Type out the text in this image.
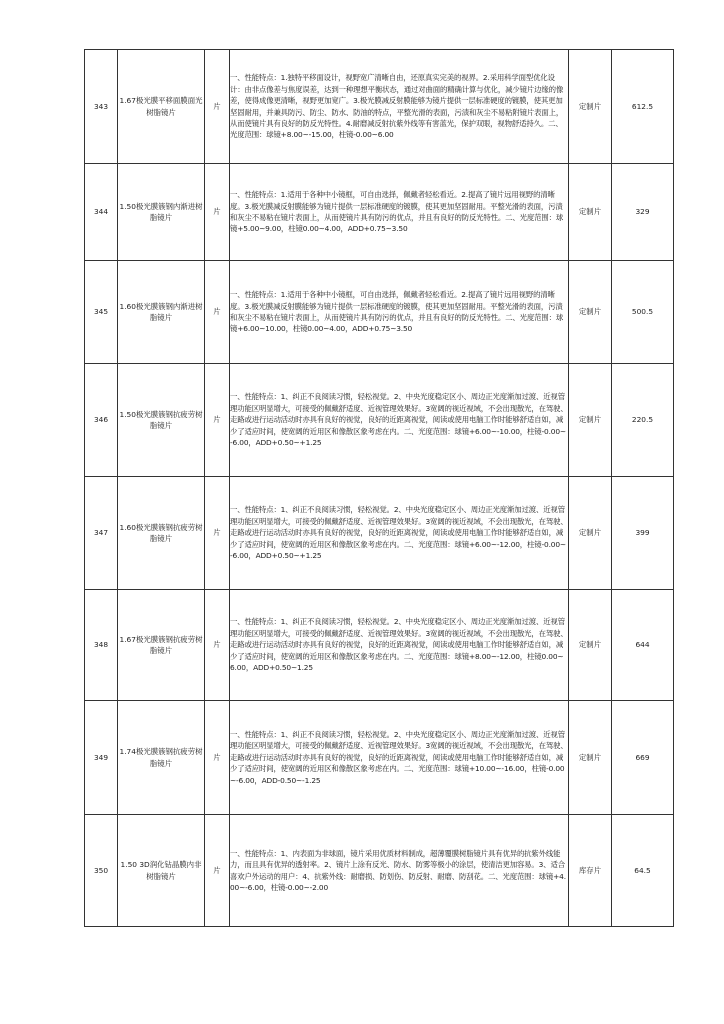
343	1.67极光膜平移面膜面光树脂镜片	片	一、性能特点：1.独特平移面设计，视野宽广清晰自由，还原真实完美的视界。2.采用科学面型优化设计：由非点像差与焦度误差，达到一种理想平衡状态，通过对曲面的精确计算与优化，减少镜片边缘的像差，使得成像更清晰，视野更加宽广。3.极光膜减反射膜能够为镜片提供一层标准硬度的镀膜，使其更加坚固耐用，并兼具防污、防尘、防水、防油的特点，平整光滑的表面，污渍和灰尘不易粘附镜片表面上，从而使镜片具有良好的防反光特性。4.耐磨减反射抗紫外线等有害蓝光，保护双眼，视物舒适持久。二、光度范围：球镜+8.00~-15.00，柱镜-0.00~6.00	定制片	612.5
344	1.50极光膜簇钢内渐进树脂镜片	片	一、性能特点：1.适用于各种中小镜框，可自由选择，佩戴者轻松看近。2.提高了镜片远用视野的清晰度。3.极光膜减反射膜能够为镜片提供一层标准硬度的镀膜，使其更加坚固耐用。平整光滑的表面，污渍和灰尘不易粘在镜片表面上，从而使镜片具有防污的优点，并且有良好的防反光特性。二、光度范围：球镜+5.00~9.00，柱镜0.00~4.00，ADD+0.75~3.50	定制片	329
345	1.60极光膜簇钢内渐进树脂镜片	片	一、性能特点：1.适用于各种中小镜框，可自由选择，佩戴者轻松看近。2.提高了镜片远用视野的清晰度。3.极光膜减反射膜能够为镜片提供一层标准硬度的镀膜，使其更加坚固耐用。平整光滑的表面，污渍和灰尘不易粘在镜片表面上，从而使镜片具有防污的优点，并且有良好的防反光特性。二、光度范围：球镜+6.00~10.00，柱镜0.00~4.00，ADD+0.75~3.50	定制片	500.5
346	1.50极光膜簇钢抗疲劳树脂镜片	片	一、性能特点：1、纠正不良阅读习惯，轻松视觉。2、中央光度稳定区小、周边正光度渐加过渡、近视管理功能区明显增大，可接受的佩戴舒适度、近视管理效果好。3宽阔的视近视域，不会出现散光，在驾驶、走路或进行运动活动时亦具有良好的视觉，良好的近距离视觉，阅读或使用电脑工作时能够舒适自如，减少了适应时间，使宽阔的近用区和像散区象考虑在内。二、光度范围：球镜+6.00~-10.00，柱镜-0.00~-6.00，ADD+0.50~+1.25	定制片	220.5
347	1.60极光膜簇钢抗疲劳树脂镜片	片	一、性能特点：1、纠正不良阅读习惯，轻松视觉。2、中央光度稳定区小、周边正光度渐加过渡、近视管理功能区明显增大，可接受的佩戴舒适度、近视管理效果好。3宽阔的视近视域，不会出现散光，在驾驶、走路或进行运动活动时亦具有良好的视觉，良好的近距离视觉，阅读或使用电脑工作时能够舒适自如，减少了适应时间，使宽阔的近用区和像散区象考虑在内。二、光度范围：球镜+6.00~-12.00，柱镜-0.00~-6.00，ADD+0.50~+1.25	定制片	399
348	1.67极光膜簇钢抗疲劳树脂镜片	片	一、性能特点：1、纠正不良阅读习惯，轻松视觉。2、中央光度稳定区小、周边正光度渐加过渡、近视管理功能区明显增大，可接受的佩戴舒适度、近视管理效果好。3宽阔的视近视域，不会出现散光，在驾驶、走路或进行运动活动时亦具有良好的视觉，良好的近距离视觉，阅读或使用电脑工作时能够舒适自如，减少了适应时间，使宽阔的近用区和像散区象考虑在内。二、光度范围：球镜+8.00~-12.00，柱镜0.00~6.00，ADD+0.50~1.25	定制片	644
349	1.74极光膜簇钢抗疲劳树脂镜片	片	一、性能特点：1、纠正不良阅读习惯，轻松视觉。2、中央光度稳定区小、周边正光度渐加过渡、近视管理功能区明显增大，可接受的佩戴舒适度、近视管理效果好。3宽阔的视近视域，不会出现散光，在驾驶、走路或进行运动活动时亦具有良好的视觉，良好的近距离视觉，阅读或使用电脑工作时能够舒适自如，减少了适应时间，使宽阔的近用区和像散区象考虑在内。二、光度范围：球镜+10.00~-16.00，柱镜-0.00~-6.00，ADD-0.50~-1.25	定制片	669
350	1.50 3D润化钻晶膜内非树脂镜片	片	一、性能特点：1、内表面为非球面，镜片采用优质材料制成，超薄覆膜树脂镜片具有优异的抗紫外线能力，而且具有优异的透射率。2、镜片上涂有反光、防水、防雾等极小的涂层，使清洁更加容易。3、适合喜欢户外运动的用户：4、抗紫外线：耐磨损、防划伤、防反射、耐磨、防刮花。二、光度范围：球镜+4.00~-6.00，柱镜-0.00~-2.00	库存片	64.5
